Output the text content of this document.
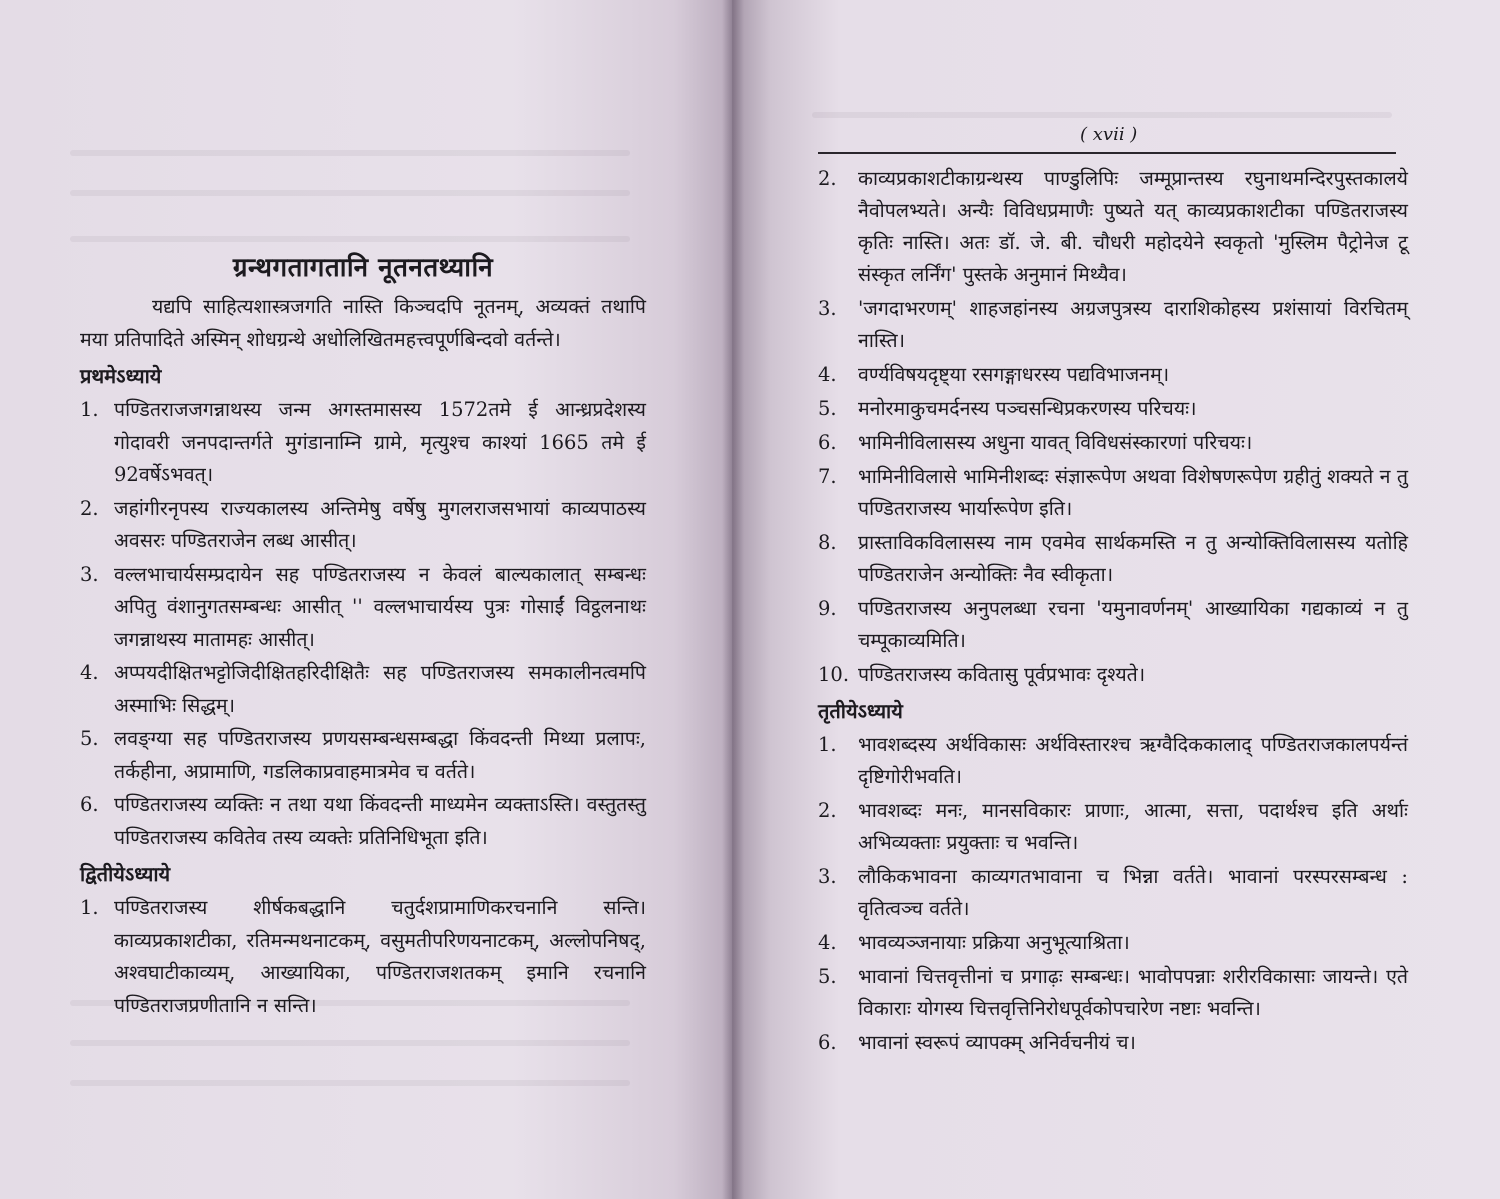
ग्रन्थगतागतानि नूतनतथ्यानि

यद्यपि साहित्यशास्त्रजगति नास्ति किञ्चदपि नूतनम्, अव्यक्तं तथापि मया प्रतिपादिते अस्मिन् शोधग्रन्थे अधोलिखितमहत्त्वपूर्णबिन्दवो वर्तन्ते।

प्रथमेऽध्याये
1. पण्डितराजजगन्नाथस्य जन्म अगस्तमासस्य 1572तमे ई आन्ध्रप्रदेशस्य गोदावरी जनपदान्तर्गते मुगंडानाम्नि ग्रामे, मृत्युश्च काश्यां 1665 तमे ई 92वर्षेऽभवत्।
2. जहांगीरनृपस्य राज्यकालस्य अन्तिमेषु वर्षेषु मुगलराजसभायां काव्यपाठस्य अवसरः पण्डितराजेन लब्ध आसीत्।
3. वल्लभाचार्यसम्प्रदायेन सह पण्डितराजस्य न केवलं बाल्यकालात् सम्बन्धः अपितु वंशानुगतसम्बन्धः आसीत् '' वल्लभाचार्यस्य पुत्रः गोसाईं विट्ठलनाथः जगन्नाथस्य मातामहः आसीत्।
4. अप्पयदीक्षितभट्टोजिदीक्षितहरिदीक्षितैः सह पण्डितराजस्य समकालीनत्वमपि अस्माभिः सिद्धम्।
5. लवङ्ग्या सह पण्डितराजस्य प्रणयसम्बन्धसम्बद्धा किंवदन्ती मिथ्या प्रलापः, तर्कहीना, अप्रामाणि, गडलिकाप्रवाहमात्रमेव च वर्तते।
6. पण्डितराजस्य व्यक्तिः न तथा यथा किंवदन्ती माध्यमेन व्यक्ताऽस्ति। वस्तुतस्तु पण्डितराजस्य कवितेव तस्य व्यक्तेः प्रतिनिधिभूता इति।
द्वितीयेऽध्याये
1. पण्डितराजस्य शीर्षकबद्धानि चतुर्दशप्रामाणिकरचनानि सन्ति। काव्यप्रकाशटीका, रतिमन्मथनाटकम्, वसुमतीपरिणयनाटकम्, अल्लोपनिषद्, अश्वघाटीकाव्यम्, आख्यायिका, पण्डितराजशतकम् इमानि रचनानि पण्डितराजप्रणीतानि न सन्ति।
( xvii )
2. काव्यप्रकाशटीकाग्रन्थस्य पाण्डुलिपिः जम्मूप्रान्तस्य रघुनाथमन्दिरपुस्तकालये नैवोपलभ्यते। अन्यैः विविधप्रमाणैः पुष्यते यत् काव्यप्रकाशटीका पण्डितराजस्य कृतिः नास्ति। अतः डॉ. जे. बी. चौधरी महोदयेने स्वकृतो 'मुस्लिम पैट्रोनेज टू संस्कृत लर्निंग' पुस्तके अनुमानं मिथ्यैव।
3. 'जगदाभरणम्' शाहजहांनस्य अग्रजपुत्रस्य दाराशिकोहस्य प्रशंसायां विरचितम् नास्ति।
4. वर्ण्यविषयदृष्ट्या रसगङ्गाधरस्य पद्यविभाजनम्।
5. मनोरमाकुचमर्दनस्य पञ्चसन्धिप्रकरणस्य परिचयः।
6. भामिनीविलासस्य अधुना यावत् विविधसंस्कारणां परिचयः।
7. भामिनीविलासे भामिनीशब्दः संज्ञारूपेण अथवा विशेषणरूपेण ग्रहीतुं शक्यते न तु पण्डितराजस्य भार्यारूपेण इति।
8. प्रास्ताविकविलासस्य नाम एवमेव सार्थकमस्ति न तु अन्योक्तिविलासस्य यतोहि पण्डितराजेन अन्योक्तिः नैव स्वीकृता।
9. पण्डितराजस्य अनुपलब्धा रचना 'यमुनावर्णनम्' आख्यायिका गद्यकाव्यं न तु चम्पूकाव्यमिति।
10. पण्डितराजस्य कवितासु पूर्वप्रभावः दृश्यते।
तृतीयेऽध्याये
1. भावशब्दस्य अर्थविकासः अर्थविस्तारश्च ऋग्वैदिककालाद् पण्डितराजकालपर्यन्तं दृष्टिगोरीभवति।
2. भावशब्दः मनः, मानसविकारः प्राणाः, आत्मा, सत्ता, पदार्थश्च इति अर्थाः अभिव्यक्ताः प्रयुक्ताः च भवन्ति।
3. लौकिकभावना काव्यगतभावाना च भिन्ना वर्तते। भावानां परस्परसम्बन्ध : वृतित्वञ्च वर्तते।
4. भावव्यञ्जनायाः प्रक्रिया अनुभूत्याश्रिता।
5. भावानां चित्तवृत्तीनां च प्रगाढ़ः सम्बन्धः। भावोपपन्नाः शरीरविकासाः जायन्ते। एते विकाराः योगस्य चित्तवृत्तिनिरोधपूर्वकोपचारेण नष्टाः भवन्ति।
6. भावानां स्वरूपं व्यापक्म् अनिर्वचनीयं च।
